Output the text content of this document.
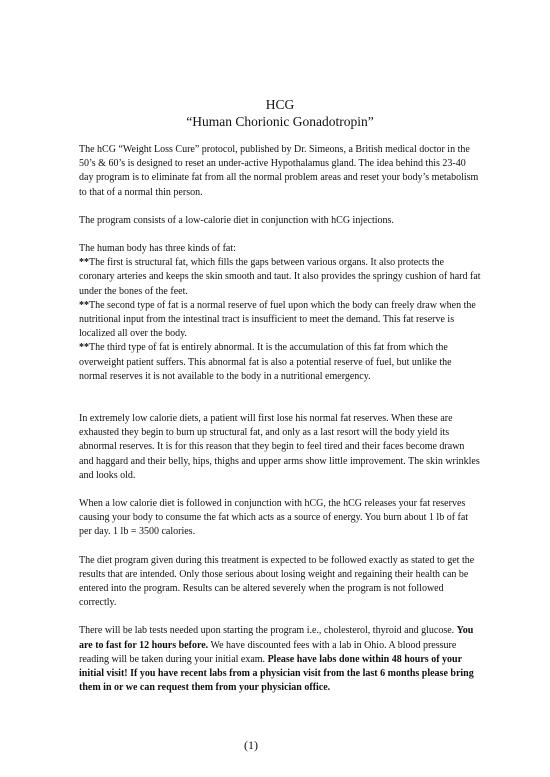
HCG

“Human Chorionic Gonadotropin”

The hCG “Weight Loss Cure” protocol, published by Dr. Simeons, a British medical doctor in the 50’s & 60’s is designed to reset an under-active Hypothalamus gland. The idea behind this 23-40 day program is to eliminate fat from all the normal problem areas and reset your body’s metabolism to that of a normal thin person.

The program consists of a low-calorie diet in conjunction with hCG injections.

The human body has three kinds of fat:

**The first is structural fat, which fills the gaps between various organs. It also protects the coronary arteries and keeps the skin smooth and taut. It also provides the springy cushion of hard fat under the bones of the feet.

**The second type of fat is a normal reserve of fuel upon which the body can freely draw when the nutritional input from the intestinal tract is insufficient to meet the demand. This fat reserve is localized all over the body.

**The third type of fat is entirely abnormal. It is the accumulation of this fat from which the overweight patient suffers. This abnormal fat is also a potential reserve of fuel, but unlike the normal reserves it is not available to the body in a nutritional emergency.

In extremely low calorie diets, a patient will first lose his normal fat reserves. When these are exhausted they begin to burn up structural fat, and only as a last resort will the body yield its abnormal reserves. It is for this reason that they begin to feel tired and their faces become drawn and haggard and their belly, hips, thighs and upper arms show little improvement. The skin wrinkles and looks old.

When a low calorie diet is followed in conjunction with hCG, the hCG releases your fat reserves causing your body to consume the fat which acts as a source of energy. You burn about 1 lb of fat per day. 1 lb = 3500 calories.

The diet program given during this treatment is expected to be followed exactly as stated to get the results that are intended. Only those serious about losing weight and regaining their health can be entered into the program. Results can be altered severely when the program is not followed correctly.

There will be lab tests needed upon starting the program i.e., cholesterol, thyroid and glucose. You are to fast for 12 hours before. We have discounted fees with a lab in Ohio. A blood pressure reading will be taken during your initial exam. Please have labs done within 48 hours of your initial visit! If you have recent labs from a physician visit from the last 6 months please bring them in or we can request them from your physician office.

(1)
